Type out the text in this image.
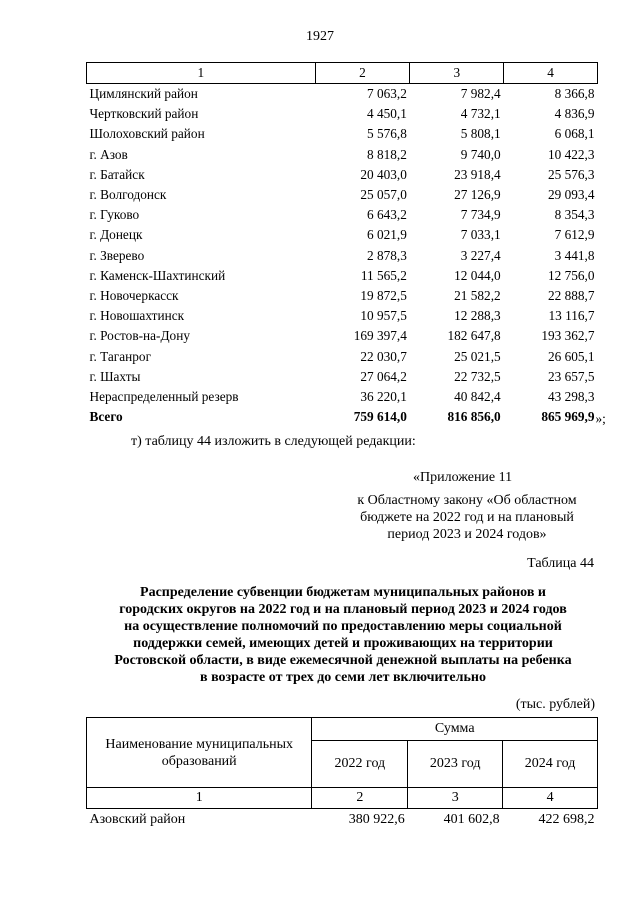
1927
1	2	3	4
Цимлянский район	7 063,2	7 982,4	8 366,8
Чертковский район	4 450,1	4 732,1	4 836,9
Шолоховский район	5 576,8	5 808,1	6 068,1
г. Азов	8 818,2	9 740,0	10 422,3
г. Батайск	20 403,0	23 918,4	25 576,3
г. Волгодонск	25 057,0	27 126,9	29 093,4
г. Гуково	6 643,2	7 734,9	8 354,3
г. Донецк	6 021,9	7 033,1	7 612,9
г. Зверево	2 878,3	3 227,4	3 441,8
г. Каменск-Шахтинский	11 565,2	12 044,0	12 756,0
г. Новочеркасск	19 872,5	21 582,2	22 888,7
г. Новошахтинск	10 957,5	12 288,3	13 116,7
г. Ростов-на-Дону	169 397,4	182 647,8	193 362,7
г. Таганрог	22 030,7	25 021,5	26 605,1
г. Шахты	27 064,2	22 732,5	23 657,5
Нераспределенный резерв	36 220,1	40 842,4	43 298,3
Всего	759 614,0	816 856,0	865 969,9 »;
т) таблицу 44 изложить в следующей редакции:
«Приложение 11
к Областному закону «Об областном
бюджете на 2022 год и на плановый
период 2023 и 2024 годов»
Таблица 44
Распределение субвенции бюджетам муниципальных районов и
городских округов на 2022 год и на плановый период 2023 и 2024 годов
на осуществление полномочий по предоставлению меры социальной
поддержки семей, имеющих детей и проживающих на территории
Ростовской области, в виде ежемесячной денежной выплаты на ребенка
в возрасте от трех до семи лет включительно
(тыс. рублей)
Наименование муниципальных
образований	Сумма		
	2022 год	2023 год	2024 год
1	2	3	4
Азовский район	380 922,6	401 602,8	422 698,2
